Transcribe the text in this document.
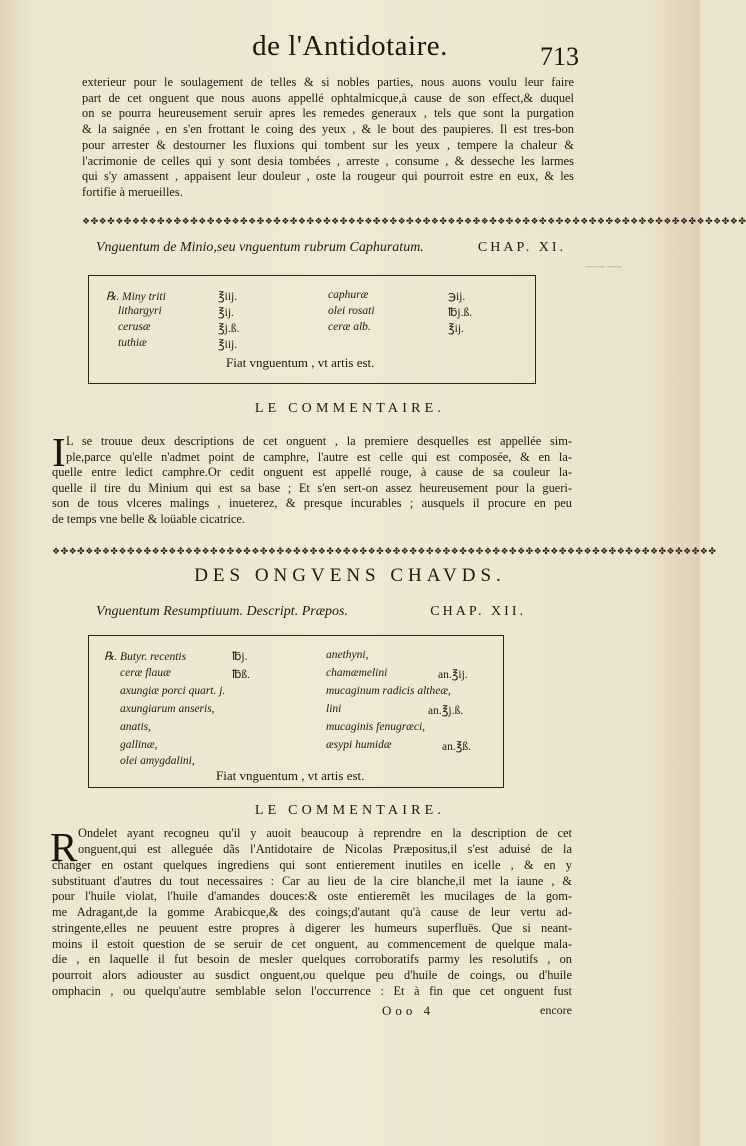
de l'Antidotaire.	713
exterieur pour le soulagement de telles & si nobles parties, nous auons voulu leur faire
part de cet onguent que nous auons appellé ophtalmicque,à cause de son effect,& duquel
on se pourra heureusement seruir apres les remedes generaux , tels que sont la purgation
& la saignée , en s'en frottant le coing des yeux , & le bout des paupieres. Il est tres-bon
pour arrester & destourner les fluxions qui tombent sur les yeux , tempere la chaleur &
l'acrimonie de celles qui y sont desia tombées , arreste , consume , & desseche les larmes
qui s'y amassent , appaisent leur douleur , oste la rougeur qui pourroit estre en eux, & les
fortifie à merueilles.
❖✤❖✤❖✤❖✤❖✤❖✤❖✤❖✤❖✤❖✤❖✤❖✤❖✤❖✤❖✤❖✤❖✤❖✤❖✤❖✤❖✤❖✤❖✤❖✤❖✤❖✤❖✤❖✤❖✤❖✤❖✤❖✤❖✤❖✤❖✤❖✤❖✤❖✤❖✤❖✤
Vnguentum de Minio,seu vnguentum rubrum Caphuratum.	CHAP. XI.
~~~~ ~~~
℞. Miny triti	℥iij.
lithargyri	℥ij.
cerusæ	℥j.ß.
tuthiæ	℥iij.
caphuræ	℈ij.
olei rosati	℔j.ß.
ceræ alb.	℥ij.
Fiat vnguentum , vt artis est.
LE COMMENTAIRE.
I L se trouue deux descriptions de cet onguent , la premiere desquelles est appellée sim-
ple,parce qu'elle n'admet point de camphre, l'autre est celle qui est composée, & en la-
quelle entre ledict camphre.Or cedit onguent est appellé rouge, à cause de sa couleur la-
quelle il tire du Minium qui est sa base ; Et s'en sert-on assez heureusement pour la gueri-
son de tous vlceres malings , inueterez, & presque incurables ; ausquels il procure en peu
de temps vne belle & loüable cicatrice.
❖✤❖✤❖✤❖✤❖✤❖✤❖✤❖✤❖✤❖✤❖✤❖✤❖✤❖✤❖✤❖✤❖✤❖✤❖✤❖✤❖✤❖✤❖✤❖✤❖✤❖✤❖✤❖✤❖✤❖✤❖✤❖✤❖✤❖✤❖✤❖✤❖✤❖✤❖✤❖✤
DES ONGVENS CHAVDS.
Vnguentum Resumptiuum. Descript. Præpos.	CHAP. XII.
℞. Butyr. recentis	℔j.
ceræ flauæ	℔ß.
axungiæ porci quart. j.
axungiarum anseris,
anatis,
gallinæ,
olei amygdalini,
anethyni,
chamæmelini	an.℥ij.
mucaginum radicis altheæ,
lini	an.℥j.ß.
mucaginis fenugræci,
æsypi humidæ	an.℥ß.
Fiat vnguentum , vt artis est.
LE COMMENTAIRE.
R Ondelet ayant recogneu qu'il y auoit beaucoup à reprendre en la description de cet
onguent,qui est alleguée dãs l'Antidotaire de Nicolas Præpositus,il s'est aduisé de la
changer en ostant quelques ingrediens qui sont entierement inutiles en icelle , & en y
substituant d'autres du tout necessaires : Car au lieu de la cire blanche,il met la iaune , &
pour l'huile violat, l'huile d'amandes douces:& oste entieremẽt les mucilages de la gom-
me Adragant,de la gomme Arabicque,& des coings;d'autant qu'à cause de leur vertu ad-
stringente,elles ne peuuent estre propres à digerer les humeurs superfluës. Que si neant-
moins il estoit question de se seruir de cet onguent, au commencement de quelque mala-
die , en laquelle il fut besoin de mesler quelques corroboratifs parmy les resolutifs , on
pourroit alors adiouster au susdict onguent,ou quelque peu d'huile de coings, ou d'huile
omphacin , ou quelqu'autre semblable selon l'occurrence : Et à fin que cet onguent fust
Ooo 4	encore
